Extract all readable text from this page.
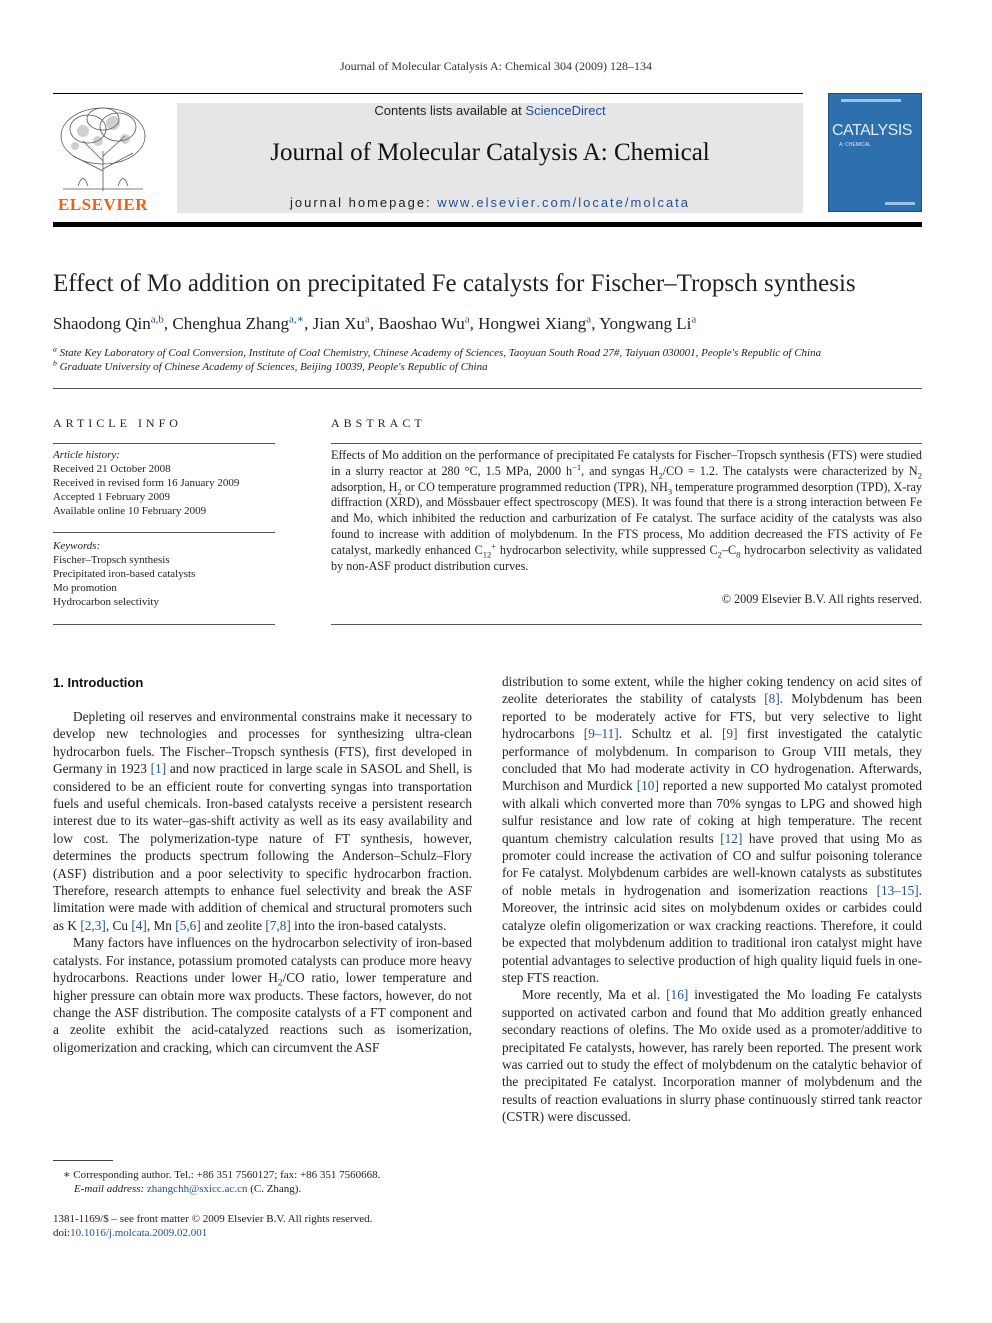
Journal of Molecular Catalysis A: Chemical 304 (2009) 128–134
ELSEVIER
Contents lists available at ScienceDirect
Journal of Molecular Catalysis A: Chemical
journal homepage: www.elsevier.com/locate/molcata
CATALYSIS
A: CHEMICAL
Effect of Mo addition on precipitated Fe catalysts for Fischer–Tropsch synthesis
Shaodong Qin$^{a,b}$, Chenghua Zhang$^{a,∗}$, Jian Xu$^a$, Baoshao Wu$^a$, Hongwei Xiang$^a$, Yongwang Li$^a$
$^a$ State Key Laboratory of Coal Conversion, Institute of Coal Chemistry, Chinese Academy of Sciences, Taoyuan South Road 27#, Taiyuan 030001, People's Republic of China
$^b$ Graduate University of Chinese Academy of Sciences, Beijing 10039, People's Republic of China
ARTICLE INFO
Article history:
Received 21 October 2008
Received in revised form 16 January 2009
Accepted 1 February 2009
Available online 10 February 2009
Keywords:
Fischer–Tropsch synthesis
Precipitated iron-based catalysts
Mo promotion
Hydrocarbon selectivity
ABSTRACT
Effects of Mo addition on the performance of precipitated Fe catalysts for Fischer–Tropsch synthesis (FTS) were studied in a slurry reactor at 280 °C, 1.5 MPa, 2000 $h^{-1}$, and syngas $H_2/CO = 1.2$. The catalysts were characterized by $N_2$ adsorption, $H_2$ or CO temperature programmed reduction (TPR), $NH_3$ temperature programmed desorption (TPD), X-ray diffraction (XRD), and Mössbauer effect spectroscopy (MES). It was found that there is a strong interaction between Fe and Mo, which inhibited the reduction and carburization of Fe catalyst. The surface acidity of the catalysts was also found to increase with addition of molybdenum. In the FTS process, Mo addition decreased the FTS activity of Fe catalyst, markedly enhanced $C_{12}^+$ hydrocarbon selectivity, while suppressed $C_2-C_8$ hydrocarbon selectivity as validated by non-ASF product distribution curves.
© 2009 Elsevier B.V. All rights reserved.
1. Introduction

Depleting oil reserves and environmental constrains make it necessary to develop new technologies and processes for synthesizing ultra-clean hydrocarbon fuels. The Fischer–Tropsch synthesis (FTS), first developed in Germany in 1923 [1] and now practiced in large scale in SASOL and Shell, is considered to be an efficient route for converting syngas into transportation fuels and useful chemicals. Iron-based catalysts receive a persistent research interest due to its water–gas-shift activity as well as its easy availability and low cost. The polymerization-type nature of FT synthesis, however, determines the products spectrum following the Anderson–Schulz–Flory (ASF) distribution and a poor selectivity to specific hydrocarbon fraction. Therefore, research attempts to enhance fuel selectivity and break the ASF limitation were made with addition of chemical and structural promoters such as K [2,3], Cu [4], Mn [5,6] and zeolite [7,8] into the iron-based catalysts.

Many factors have influences on the hydrocarbon selectivity of iron-based catalysts. For instance, potassium promoted catalysts can produce more heavy hydrocarbons. Reactions under lower $H_2/CO$ ratio, lower temperature and higher pressure can obtain more wax products. These factors, however, do not change the ASF distribution. The composite catalysts of a FT component and a zeolite exhibit the acid-catalyzed reactions such as isomerization, oligomerization and cracking, which can circumvent the ASF

distribution to some extent, while the higher coking tendency on acid sites of zeolite deteriorates the stability of catalysts [8]. Molybdenum has been reported to be moderately active for FTS, but very selective to light hydrocarbons [9–11]. Schultz et al. [9] first investigated the catalytic performance of molybdenum. In comparison to Group VIII metals, they concluded that Mo had moderate activity in CO hydrogenation. Afterwards, Murchison and Murdick [10] reported a new supported Mo catalyst promoted with alkali which converted more than 70% syngas to LPG and showed high sulfur resistance and low rate of coking at high temperature. The recent quantum chemistry calculation results [12] have proved that using Mo as promoter could increase the activation of CO and sulfur poisoning tolerance for Fe catalyst. Molybdenum carbides are well-known catalysts as substitutes of noble metals in hydrogenation and isomerization reactions [13–15]. Moreover, the intrinsic acid sites on molybdenum oxides or carbides could catalyze olefin oligomerization or wax cracking reactions. Therefore, it could be expected that molybdenum addition to traditional iron catalyst might have potential advantages to selective production of high quality liquid fuels in one-step FTS reaction.

More recently, Ma et al. [16] investigated the Mo loading Fe catalysts supported on activated carbon and found that Mo addition greatly enhanced secondary reactions of olefins. The Mo oxide used as a promoter/additive to precipitated Fe catalysts, however, has rarely been reported. The present work was carried out to study the effect of molybdenum on the catalytic behavior of the precipitated Fe catalyst. Incorporation manner of molybdenum and the results of reaction evaluations in slurry phase continuously stirred tank reactor (CSTR) were discussed.

∗ Corresponding author. Tel.: +86 351 7560127; fax: +86 351 7560668.
E-mail address: zhangchh@sxicc.ac.cn (C. Zhang).
1381-1169/$ – see front matter © 2009 Elsevier B.V. All rights reserved.
doi:10.1016/j.molcata.2009.02.001
